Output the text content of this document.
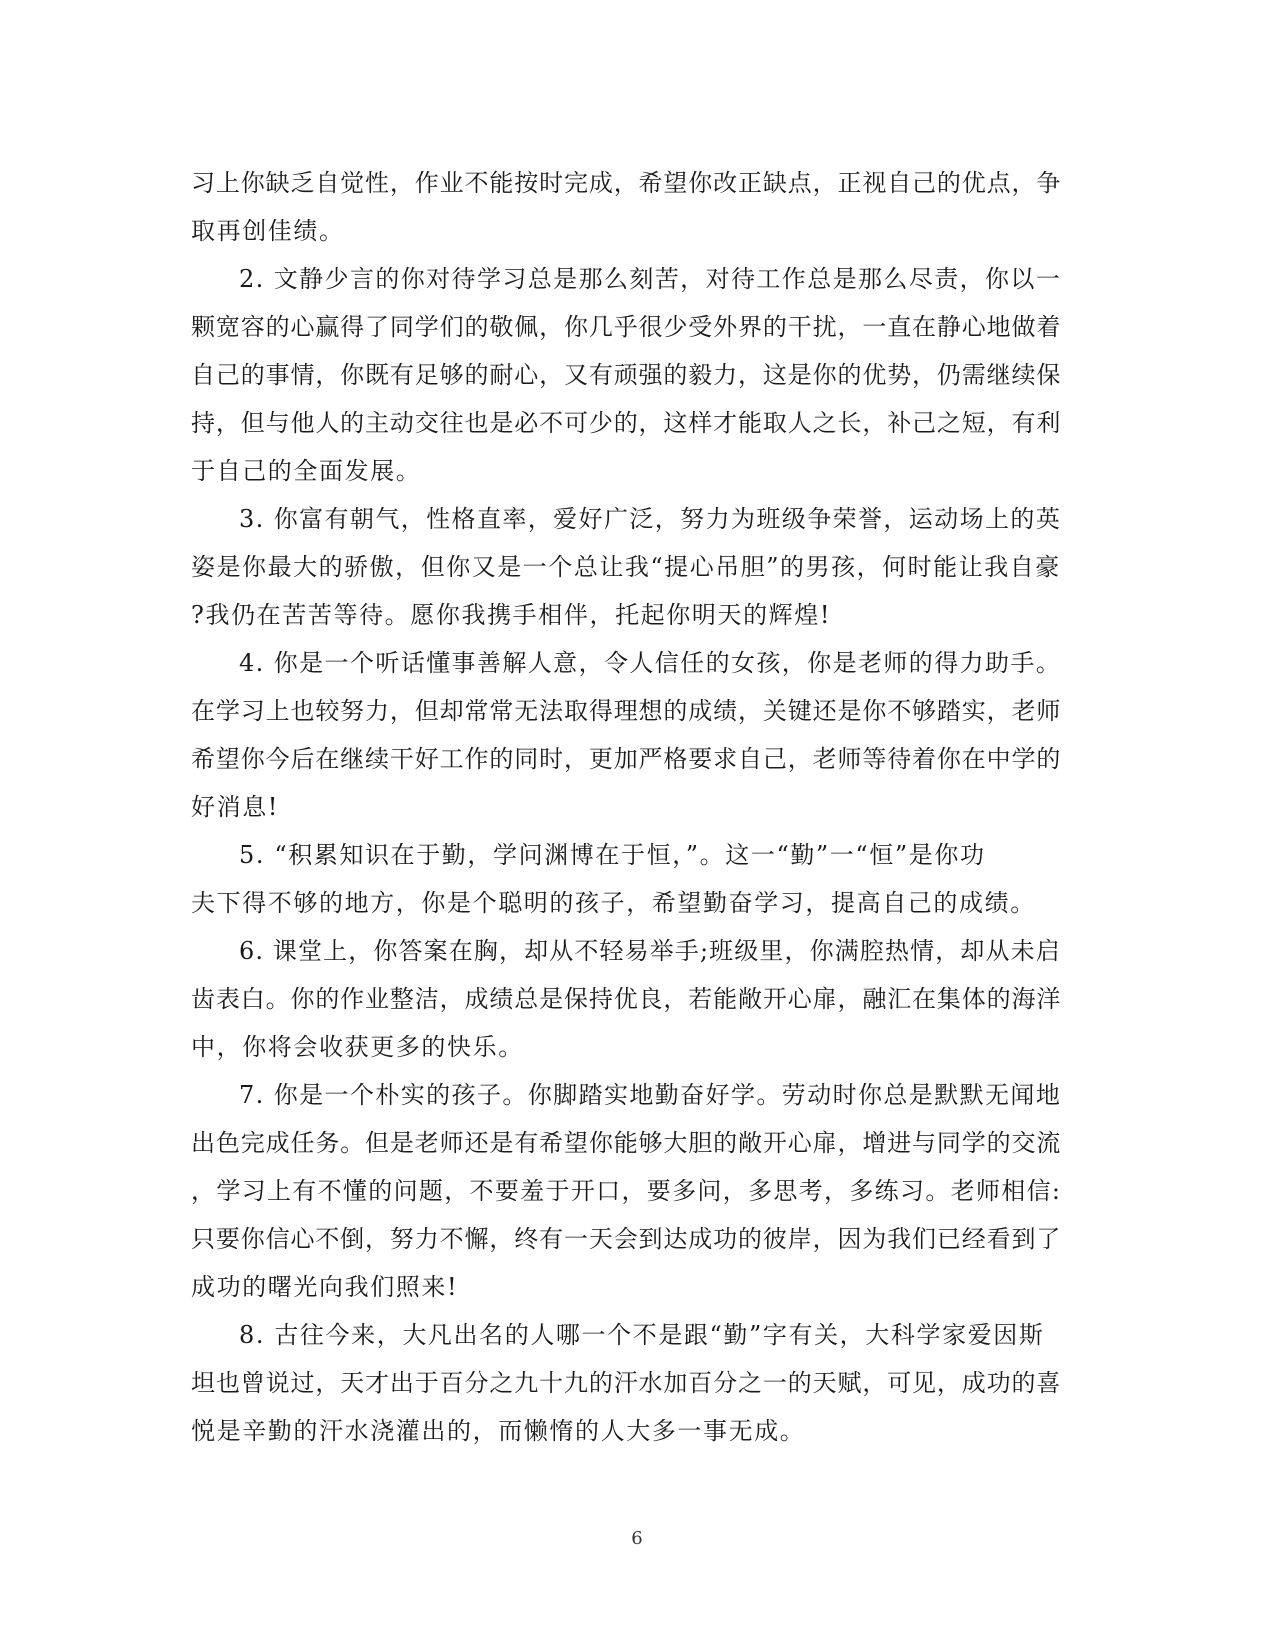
习上你缺乏自觉性，作业不能按时完成，希望你改正缺点，正视自己的优点，争
取再创佳绩。
2. 文静少言的你对待学习总是那么刻苦，对待工作总是那么尽责，你以一
颗宽容的心赢得了同学们的敬佩，你几乎很少受外界的干扰，一直在静心地做着
自己的事情，你既有足够的耐心，又有顽强的毅力，这是你的优势，仍需继续保
持，但与他人的主动交往也是必不可少的，这样才能取人之长，补己之短，有利
于自己的全面发展。
3. 你富有朝气，性格直率，爱好广泛，努力为班级争荣誉，运动场上的英
姿是你最大的骄傲，但你又是一个总让我“提心吊胆”的男孩，何时能让我自豪
?我仍在苦苦等待。愿你我携手相伴，托起你明天的辉煌!
4. 你是一个听话懂事善解人意，令人信任的女孩，你是老师的得力助手。
在学习上也较努力，但却常常无法取得理想的成绩，关键还是你不够踏实，老师
希望你今后在继续干好工作的同时，更加严格要求自己，老师等待着你在中学的
好消息!
5. “积累知识在于勤，学问渊博在于恒，”。这一“勤”一“恒”是你功
夫下得不够的地方，你是个聪明的孩子，希望勤奋学习，提高自己的成绩。
6. 课堂上，你答案在胸，却从不轻易举手;班级里，你满腔热情，却从未启
齿表白。你的作业整洁，成绩总是保持优良，若能敞开心扉，融汇在集体的海洋
中，你将会收获更多的快乐。
7. 你是一个朴实的孩子。你脚踏实地勤奋好学。劳动时你总是默默无闻地
出色完成任务。但是老师还是有希望你能够大胆的敞开心扉，增进与同学的交流
，学习上有不懂的问题，不要羞于开口，要多问，多思考，多练习。老师相信:
只要你信心不倒，努力不懈，终有一天会到达成功的彼岸，因为我们已经看到了
成功的曙光向我们照来!
8. 古往今来，大凡出名的人哪一个不是跟“勤”字有关，大科学家爱因斯
坦也曾说过，天才出于百分之九十九的汗水加百分之一的天赋，可见，成功的喜
悦是辛勤的汗水浇灌出的，而懒惰的人大多一事无成。
6
